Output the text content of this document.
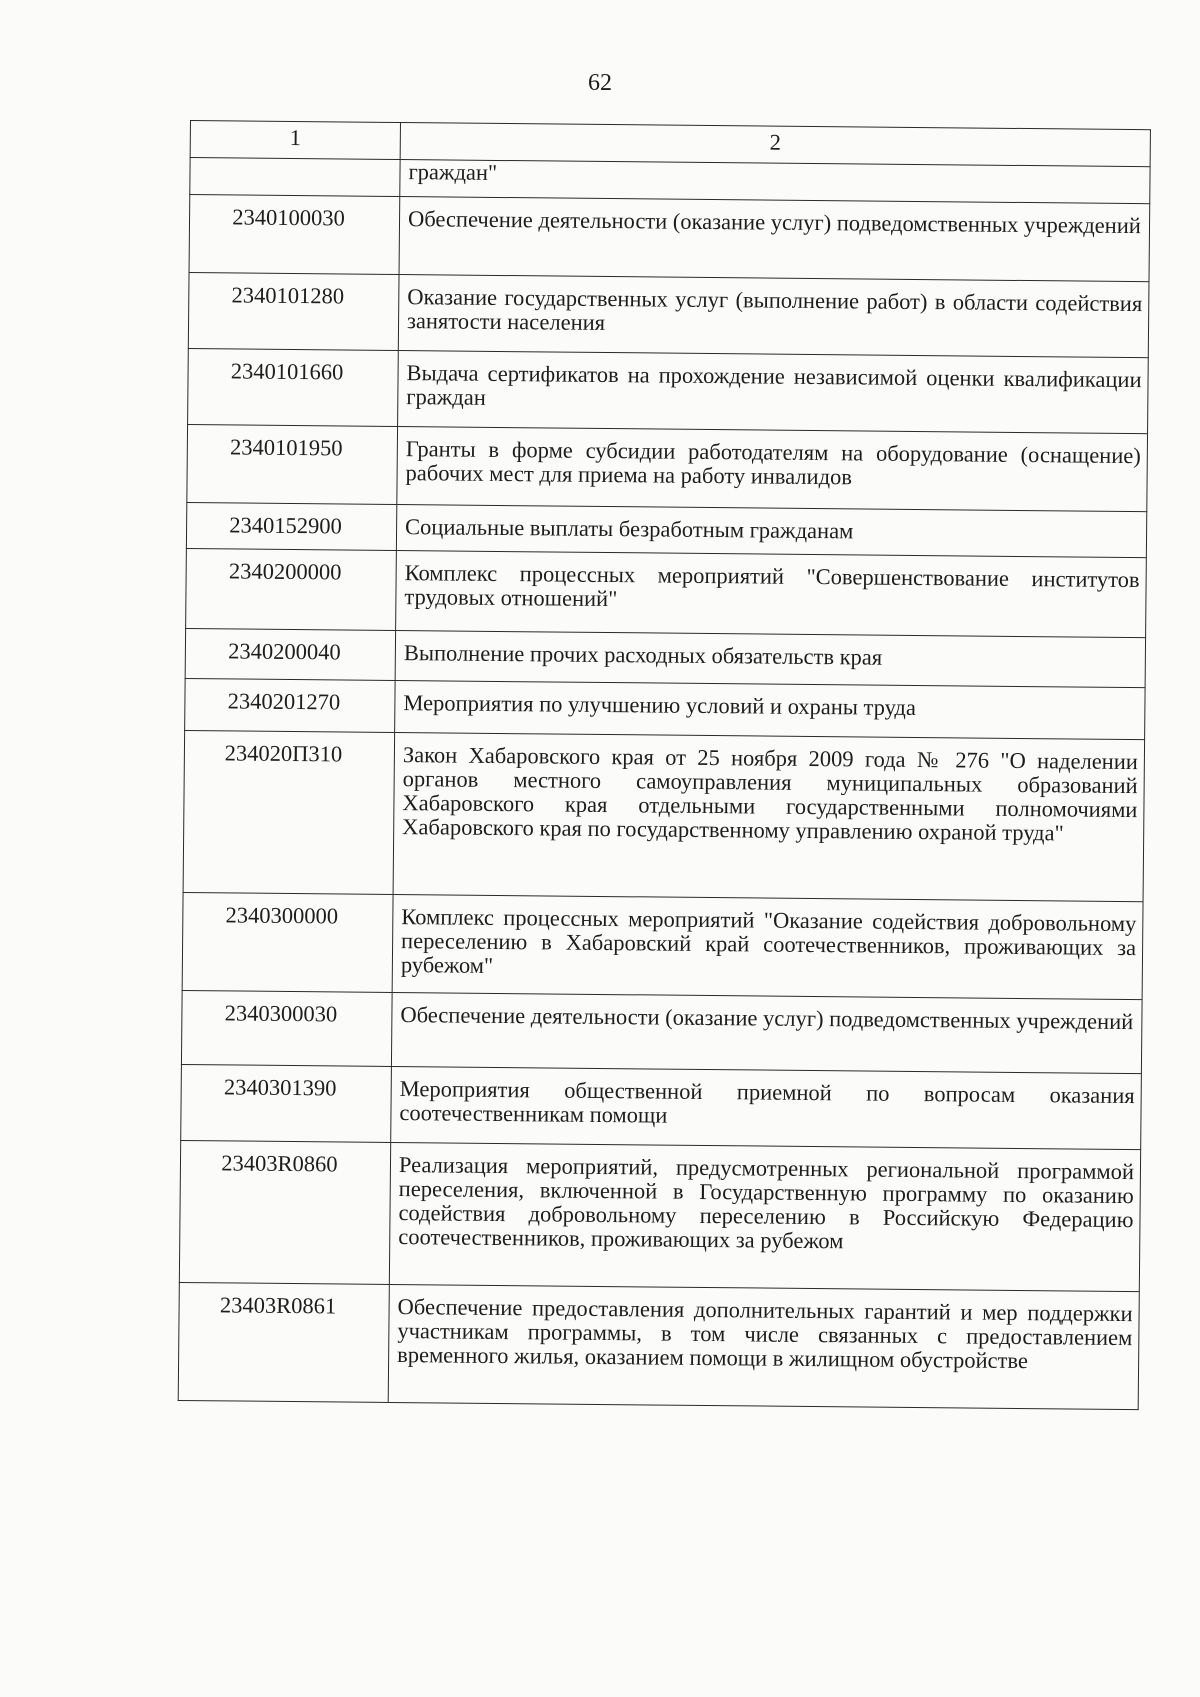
62
1	2
	граждан"
2340100030	Обеспечение деятельности (оказание услуг) подведомственных учреждений
2340101280	Оказание государственных услуг (выполнение работ) в области содействия занятости населения
2340101660	Выдача сертификатов на прохождение независимой оценки квалификации граждан
2340101950	Гранты в форме субсидии работодателям на оборудование (оснащение) рабочих мест для приема на работу инвалидов
2340152900	Социальные выплаты безработным гражданам
2340200000	Комплекс процессных мероприятий "Совершенствование институтов трудовых отношений"
2340200040	Выполнение прочих расходных обязательств края
2340201270	Мероприятия по улучшению условий и охраны труда
234020П310	Закон Хабаровского края от 25 ноября 2009 года № 276 "О наделении органов местного самоуправления муниципальных образований Хабаровского края отдельными государственными полномочиями Хабаровского края по государственному управлению охраной труда"
2340300000	Комплекс процессных мероприятий "Оказание содействия добровольному переселению в Хабаровский край соотечественников, проживающих за рубежом"
2340300030	Обеспечение деятельности (оказание услуг) подведомственных учреждений
2340301390	Мероприятия общественной приемной по вопросам оказания соотечественникам помощи
23403R0860	Реализация мероприятий, предусмотренных региональной программой переселения, включенной в Государственную программу по оказанию содействия добровольному переселению в Российскую Федерацию соотечественников, проживающих за рубежом
23403R0861	Обеспечение предоставления дополнительных гарантий и мер поддержки участникам программы, в том числе связанных с предоставлением временного жилья, оказанием помощи в жилищном обустройстве
